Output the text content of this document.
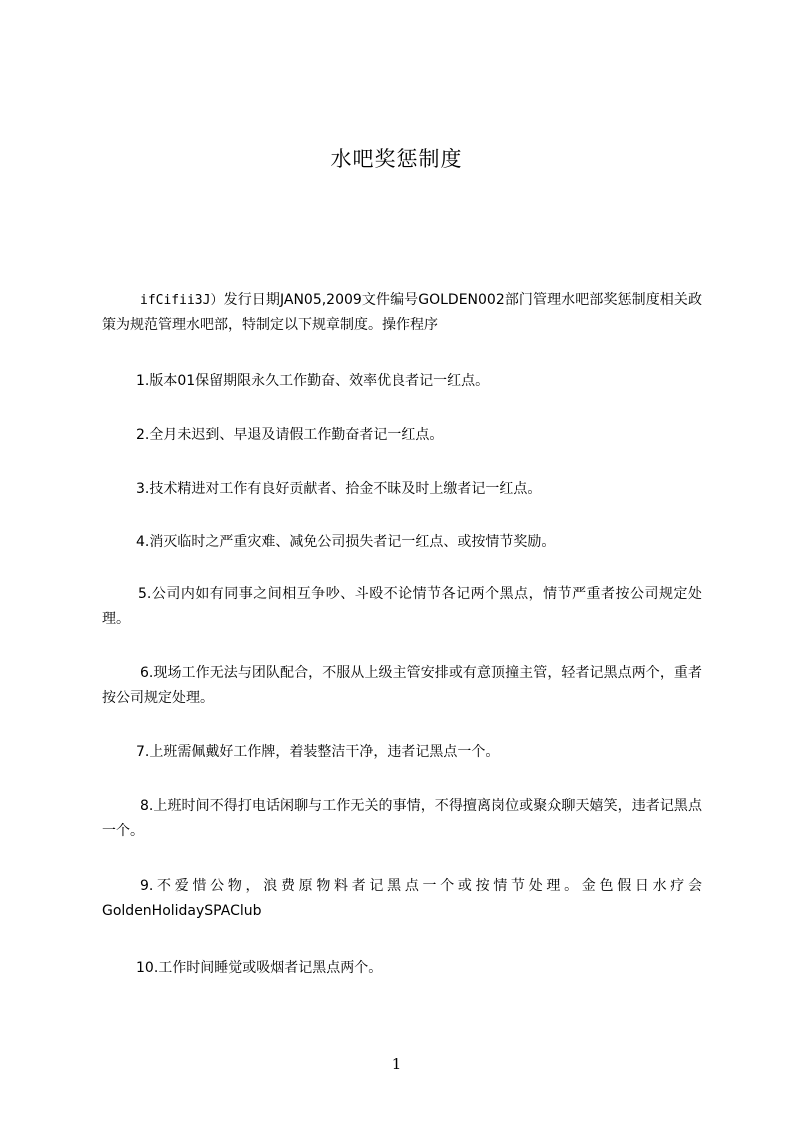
水吧奖惩制度

ifCifii3J）发行日期JAN05,2009文件编号GOLDEN002部门管理水吧部奖惩制度相关政策为规范管理水吧部，特制定以下规章制度。操作程序

1.版本01保留期限永久工作勤奋、效率优良者记一红点。

2.全月未迟到、早退及请假工作勤奋者记一红点。

3.技术精进对工作有良好贡献者、拾金不昧及时上缴者记一红点。

4.消灭临时之严重灾难、减免公司损失者记一红点、或按情节奖励。

5.公司内如有同事之间相互争吵、斗殴不论情节各记两个黑点，情节严重者按公司规定处理。

6.现场工作无法与团队配合，不服从上级主管安排或有意顶撞主管，轻者记黑点两个，重者按公司规定处理。

7.上班需佩戴好工作牌，着装整洁干净，违者记黑点一个。

8.上班时间不得打电话闲聊与工作无关的事情，不得擅离岗位或聚众聊天嬉笑，违者记黑点一个。

9.不爱惜公物，浪费原物料者记黑点一个或按情节处理。金色假日水疗会GoldenHolidaySPAClub

10.工作时间睡觉或吸烟者记黑点两个。

1
